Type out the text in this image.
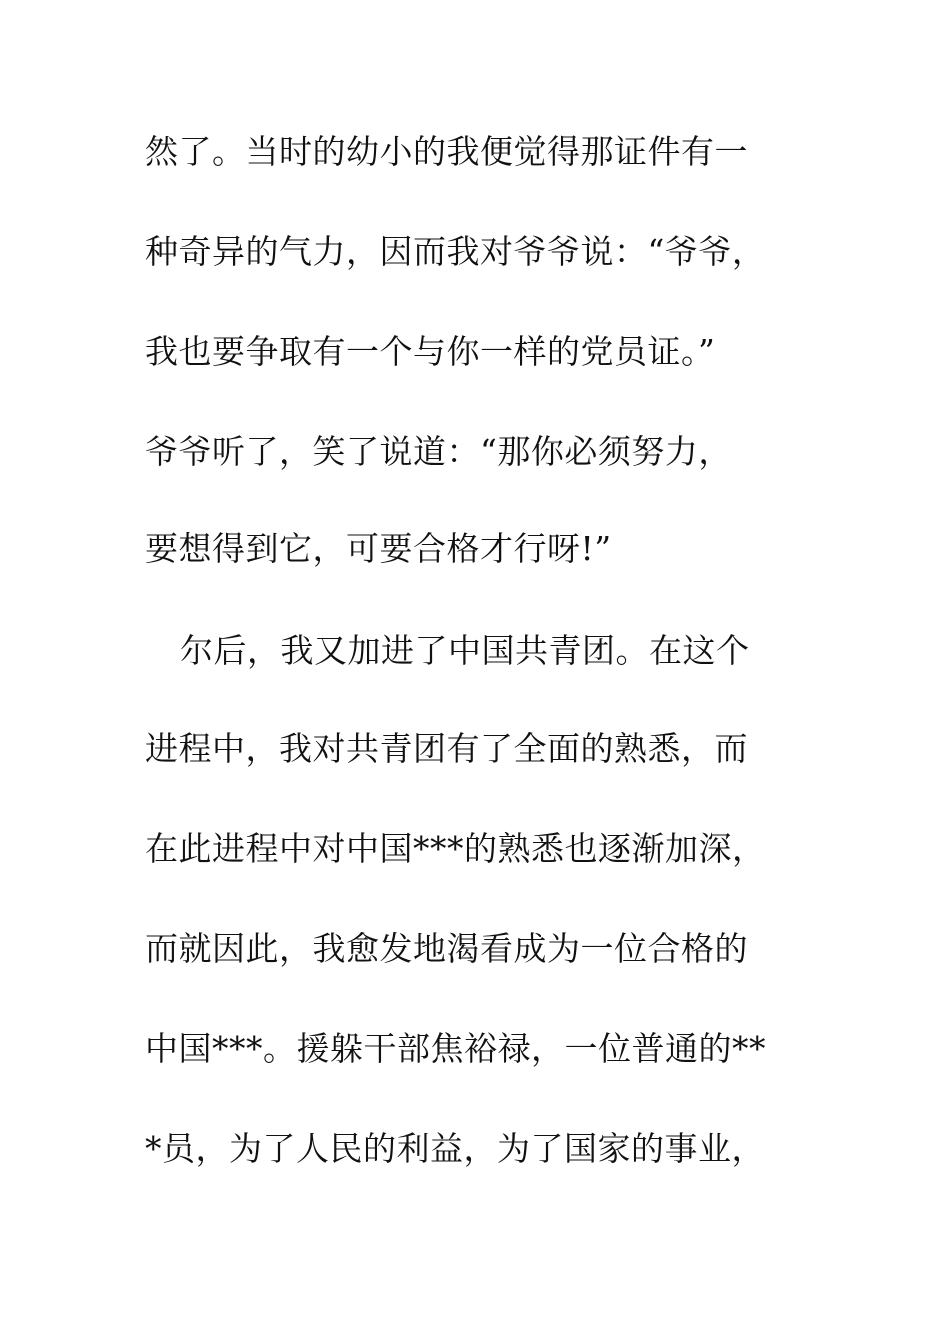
然了。当时的幼小的我便觉得那证件有一
种奇异的气力，因而我对爷爷说：“爷爷，
我也要争取有一个与你一样的党员证。”
爷爷听了，笑了说道：“那你必须努力，
要想得到它，可要合格才行呀!”
尔后，我又加进了中国共青团。在这个
进程中，我对共青团有了全面的熟悉，而
在此进程中对中国***的熟悉也逐渐加深，
而就因此，我愈发地渴看成为一位合格的
中国***。援躲干部焦裕禄，一位普通的**
*员，为了人民的利益，为了国家的事业，
